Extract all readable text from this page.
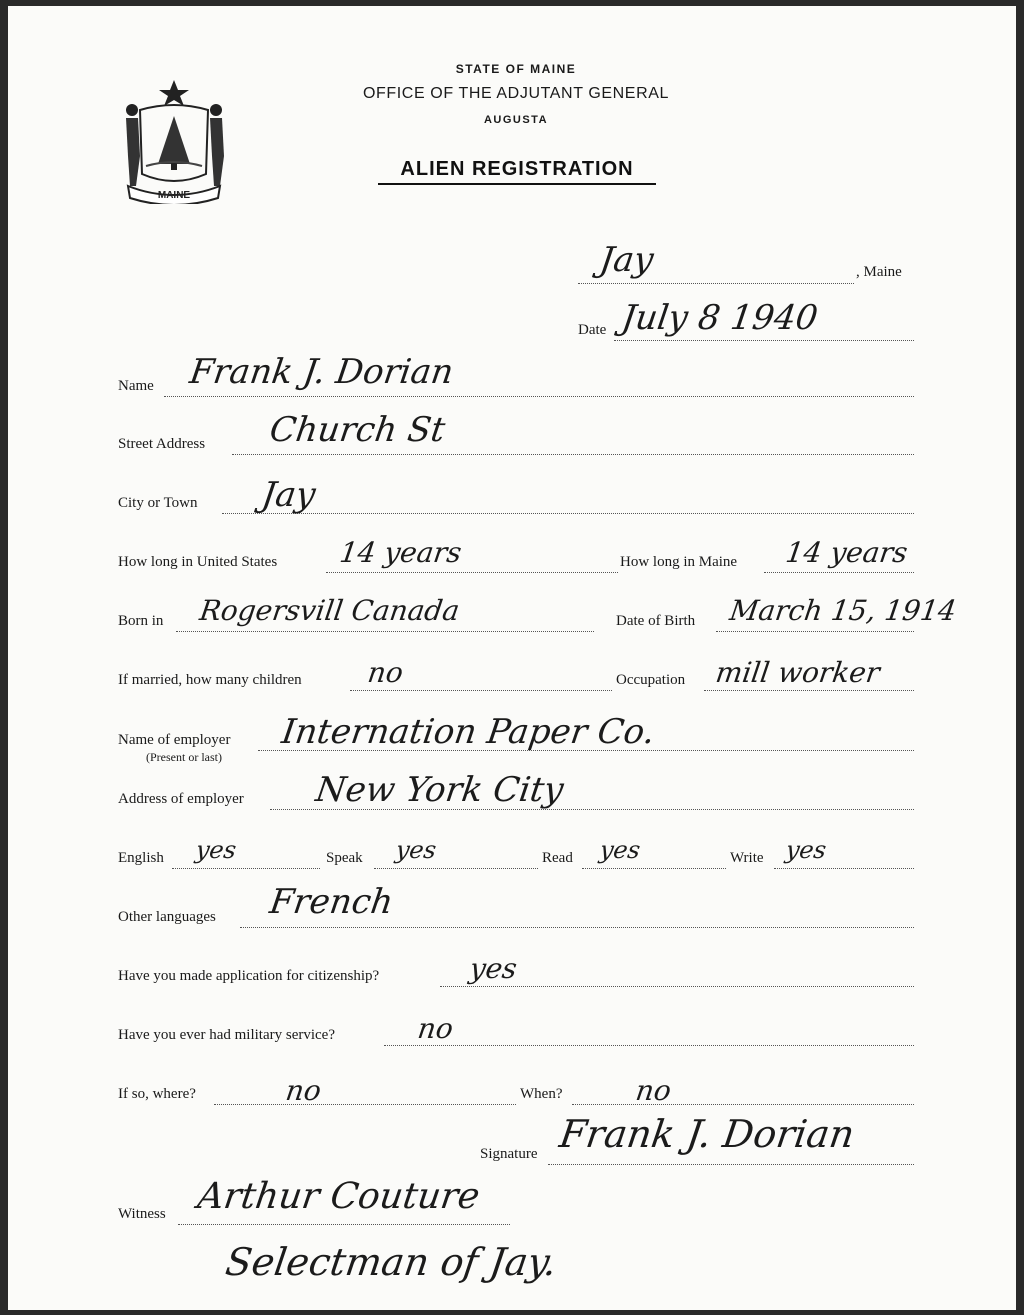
MAINE
STATE OF MAINE
OFFICE OF THE ADJUTANT GENERAL
AUGUSTA
ALIEN REGISTRATION
Jay	, Maine
Date July 8 1940
Name Frank J. Dorian
Street Address Church St
City or Town Jay
How long in United States 14 years	How long in Maine 14 years
Born in Rogersvill Canada	Date of Birth March 15, 1914
If married, how many children no	Occupation mill worker
Name of employer
(Present or last)
Internation Paper Co.
Address of employer New York City
English yes	Speak yes	Read yes	Write yes
Other languages French
Have you made application for citizenship?	yes
Have you ever had military service?	no
If so, where?	no	When?	no
Signature Frank J. Dorian
Witness Arthur Couture
Selectman of Jay.
